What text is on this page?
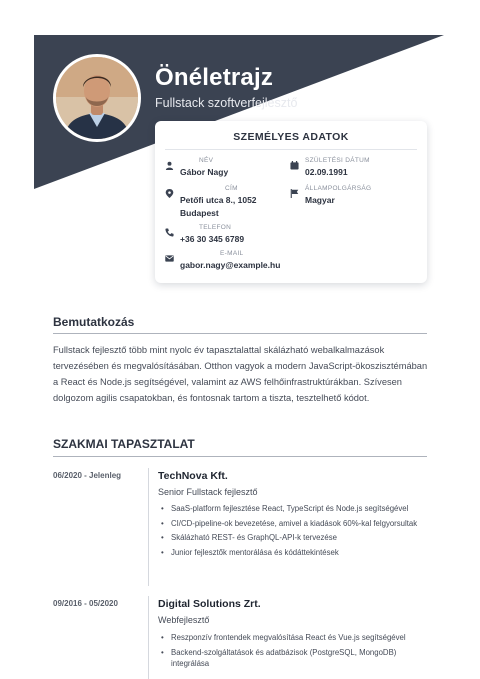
Önéletrajz
Fullstack szoftverfejlesztő
SZEMÉLYES ADATOK
NÉV
Gábor Nagy
SZÜLETÉSI DÁTUM
02.09.1991
CÍM
Petőfi utca 8., 1052
Budapest
ÁLLAMPOLGÁRSÁG
Magyar
TELEFON
+36 30 345 6789
E-MAIL
gabor.nagy@example.hu
Bemutatkozás
Fullstack fejlesztő több mint nyolc év tapasztalattal skálázható webalkalmazások tervezésében és megvalósításában. Otthon vagyok a modern JavaScript-ökoszisztémában a React és Node.js segítségével, valamint az AWS felhőinfrastruktúrákban. Szívesen dolgozom agilis csapatokban, és fontosnak tartom a tiszta, tesztelhető kódot.
SZAKMAI TAPASZTALAT
06/2020 - Jelenleg	TechNova Kft.
Senior Fullstack fejlesztő
• SaaS-platform fejlesztése React, TypeScript és Node.js segítségével
• CI/CD-pipeline-ok bevezetése, amivel a kiadások 60%-kal felgyorsultak
• Skálázható REST- és GraphQL-API-k tervezése
• Junior fejlesztők mentorálása és kódáttekintések
09/2016 - 05/2020	Digital Solutions Zrt.
Webfejlesztő
• Reszponzív frontendek megvalósítása React és Vue.js segítségével
• Backend-szolgáltatások és adatbázisok (PostgreSQL, MongoDB) integrálása
